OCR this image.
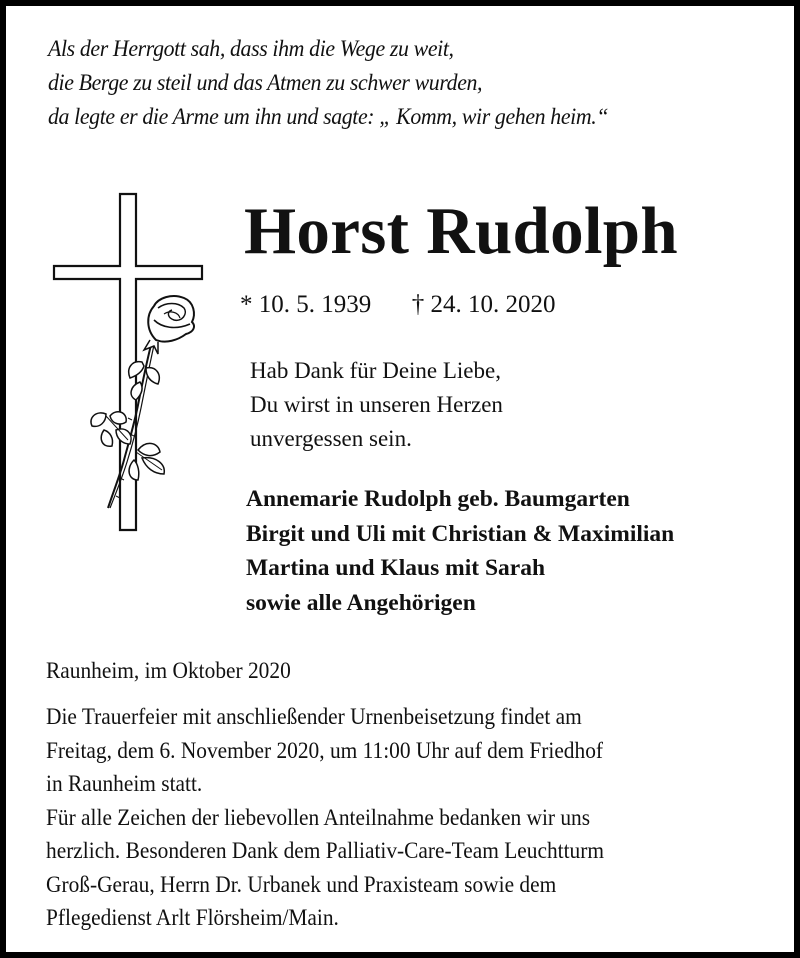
Als der Herrgott sah, dass ihm die Wege zu weit,
die Berge zu steil und das Atmen zu schwer wurden,
da legte er die Arme um ihn und sagte: „ Komm, wir gehen heim.“
Horst Rudolph
* 10. 5. 1939 † 24. 10. 2020
Hab Dank für Deine Liebe,
Du wirst in unseren Herzen
unvergessen sein.
Annemarie Rudolph geb. Baumgarten
Birgit und Uli mit Christian & Maximilian
Martina und Klaus mit Sarah
sowie alle Angehörigen
Raunheim, im Oktober 2020
Die Trauerfeier mit anschließender Urnenbeisetzung findet am
Freitag, dem 6. November 2020, um 11:00 Uhr auf dem Friedhof
in Raunheim statt.
Für alle Zeichen der liebevollen Anteilnahme bedanken wir uns
herzlich. Besonderen Dank dem Palliativ-Care-Team Leuchtturm
Groß-Gerau, Herrn Dr. Urbanek und Praxisteam sowie dem
Pflegedienst Arlt Flörsheim/Main.
